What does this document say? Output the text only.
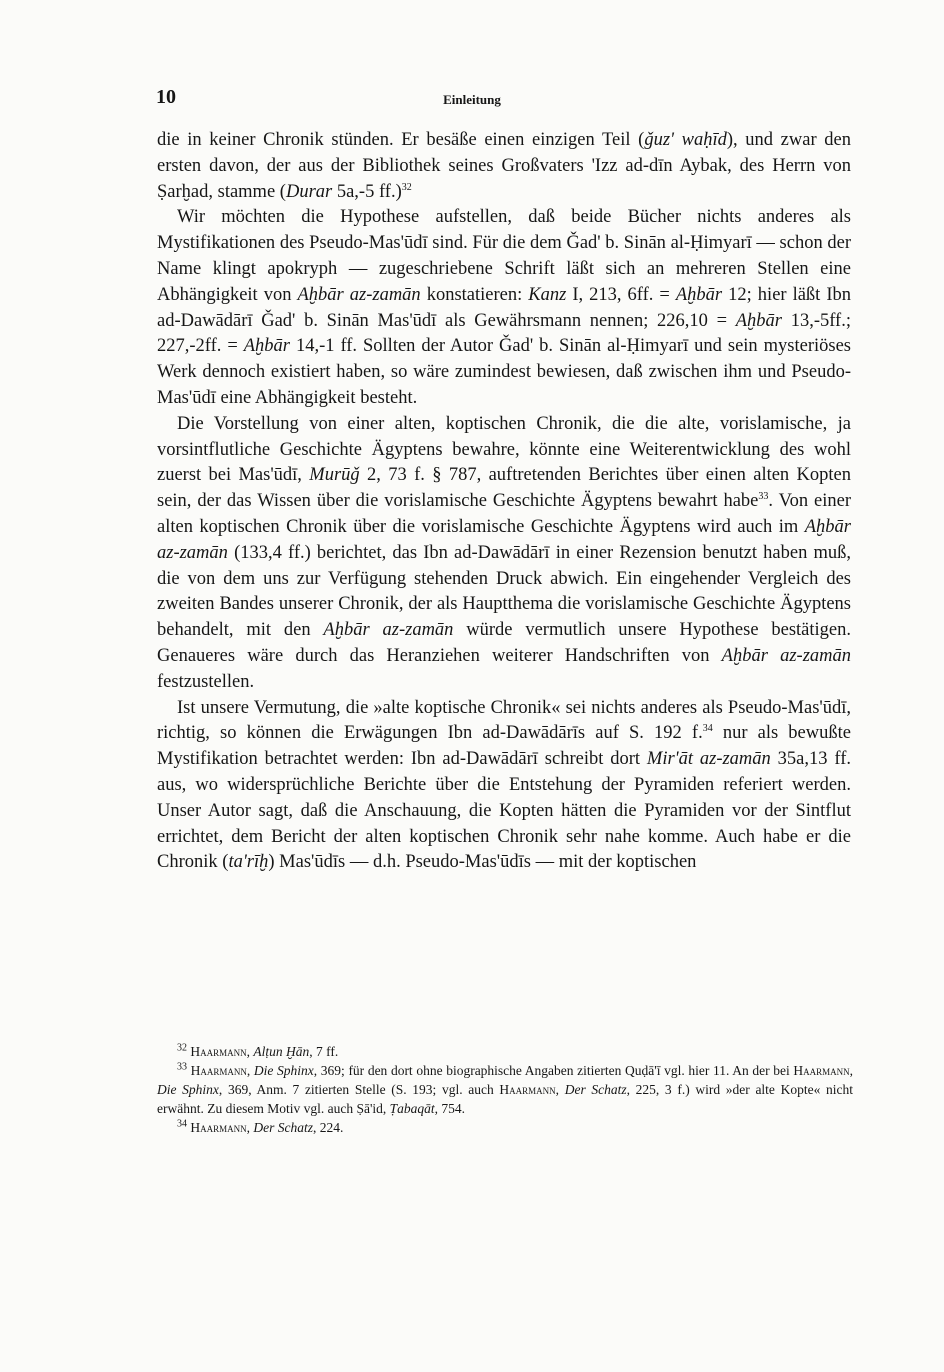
10	Einleitung

die in keiner Chronik stünden. Er besäße einen einzigen Teil (ǧuz' waḥīd), und zwar den ersten davon, der aus der Bibliothek seines Großvaters 'Izz ad-dīn Aybak, des Herrn von Ṣarḫad, stamme (Durar 5a,-5 ff.)$^{32}$

Wir möchten die Hypothese aufstellen, daß beide Bücher nichts anderes als Mystifikationen des Pseudo-Mas'ūdī sind. Für die dem Ǧad' b. Sinān al-Ḥimyarī — schon der Name klingt apokryph — zugeschriebene Schrift läßt sich an mehreren Stellen eine Abhängigkeit von Aḫbār az-zamān konstatieren: Kanz I, 213, 6ff. = Aḫbār 12; hier läßt Ibn ad-Dawādārī Ǧad' b. Sinān Mas'ūdī als Gewährsmann nennen; 226,10 = Aḫbār 13,-5ff.; 227,-2ff. = Aḫbār 14,-1 ff. Sollten der Autor Ǧad' b. Sinān al-Ḥimyarī und sein mysteriöses Werk dennoch existiert haben, so wäre zumindest bewiesen, daß zwischen ihm und Pseudo-Mas'ūdī eine Abhängigkeit besteht.

Die Vorstellung von einer alten, koptischen Chronik, die die alte, vorislamische, ja vorsintflutliche Geschichte Ägyptens bewahre, könnte eine Weiterentwicklung des wohl zuerst bei Mas'ūdī, Murūǧ 2, 73 f. § 787, auftretenden Berichtes über einen alten Kopten sein, der das Wissen über die vorislamische Geschichte Ägyptens bewahrt habe$^{33}$. Von einer alten koptischen Chronik über die vorislamische Geschichte Ägyptens wird auch im Aḫbār az-zamān (133,4 ff.) berichtet, das Ibn ad-Dawādārī in einer Rezension benutzt haben muß, die von dem uns zur Verfügung stehenden Druck abwich. Ein eingehender Vergleich des zweiten Bandes unserer Chronik, der als Hauptthema die vorislamische Geschichte Ägyptens behandelt, mit den Aḫbār az-zamān würde vermutlich unsere Hypothese bestätigen. Genaueres wäre durch das Heranziehen weiterer Handschriften von Aḫbār az-zamān festzustellen.

Ist unsere Vermutung, die »alte koptische Chronik« sei nichts anderes als Pseudo-Mas'ūdī, richtig, so können die Erwägungen Ibn ad-Dawādārīs auf S. 192 f.$^{34}$ nur als bewußte Mystifikation betrachtet werden: Ibn ad-Dawādārī schreibt dort Mir'āt az-zamān 35a,13 ff. aus, wo widersprüchliche Berichte über die Entstehung der Pyramiden referiert werden. Unser Autor sagt, daß die Anschauung, die Kopten hätten die Pyramiden vor der Sintflut errichtet, dem Bericht der alten koptischen Chronik sehr nahe komme. Auch habe er die Chronik (ta'rīḫ) Mas'ūdīs — d.h. Pseudo-Mas'ūdīs — mit der koptischen

$^{32}$ Haarmann, Alṭun Ḫān, 7 ff.

$^{33}$ Haarmann, Die Sphinx, 369; für den dort ohne biographische Angaben zitierten Quḍā'ī vgl. hier 11. An der bei Haarmann, Die Sphinx, 369, Anm. 7 zitierten Stelle (S. 193; vgl. auch Haarmann, Der Schatz, 225, 3 f.) wird »der alte Kopte« nicht erwähnt. Zu diesem Motiv vgl. auch Ṣā'id, Ṭabaqāt, 754.

$^{34}$ Haarmann, Der Schatz, 224.
